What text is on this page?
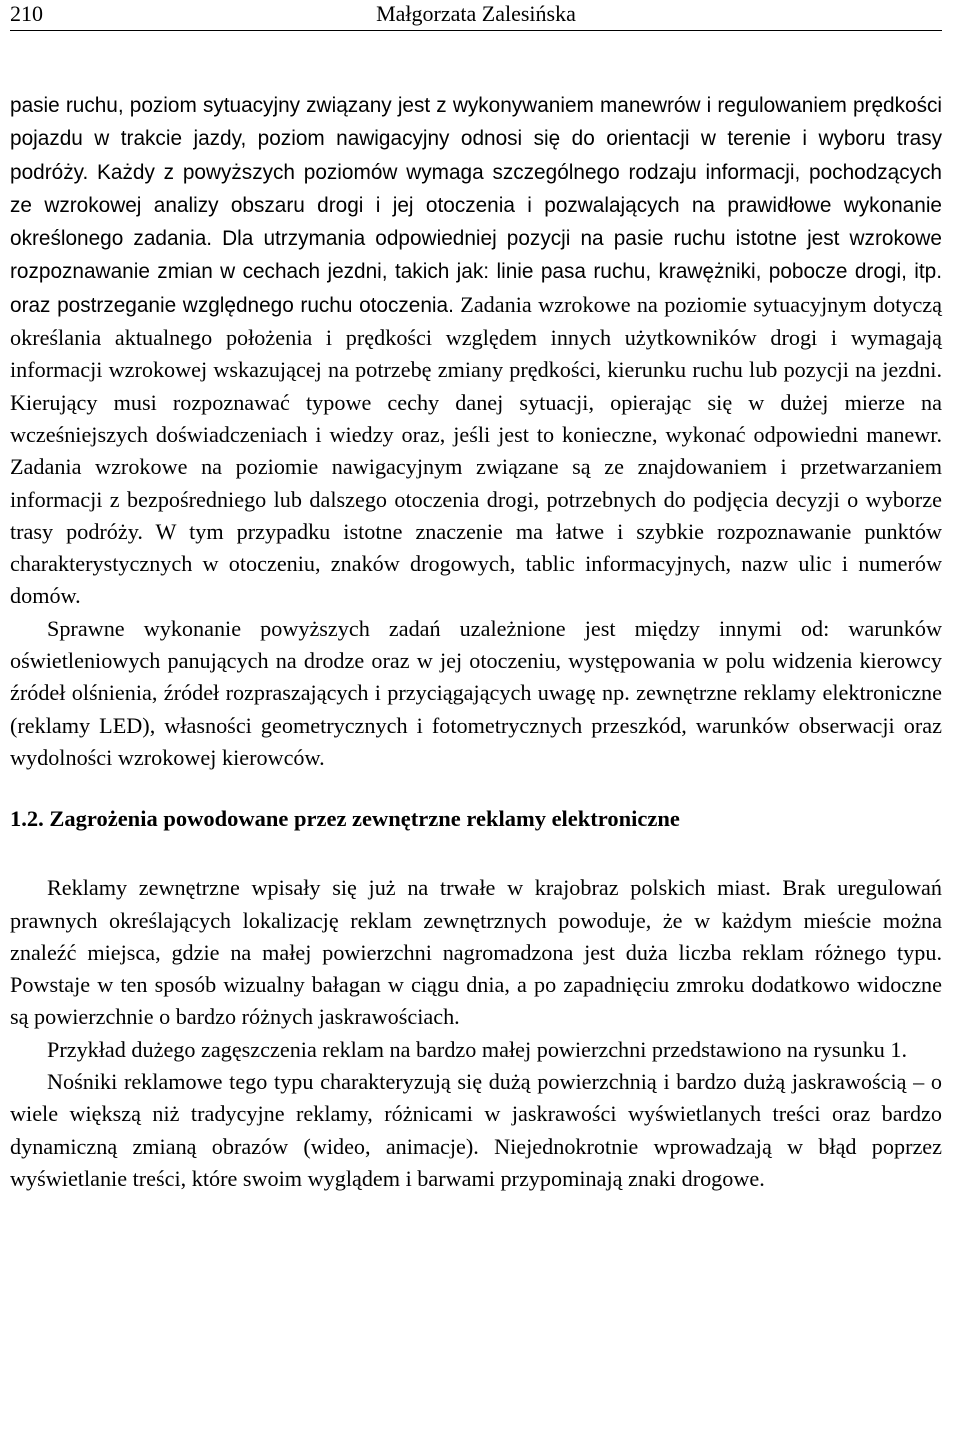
210	Małgorzata Zalesińska

pasie ruchu, poziom sytuacyjny związany jest z wykonywaniem manewrów i regulowaniem prędkości pojazdu w trakcie jazdy, poziom nawigacyjny odnosi się do orientacji w terenie i wyboru trasy podróży. Każdy z powyższych poziomów wymaga szczególnego rodzaju informacji, pochodzących ze wzrokowej analizy obszaru drogi i jej otoczenia i pozwalających na prawidłowe wykonanie określonego zadania. Dla utrzymania odpowiedniej pozycji na pasie ruchu istotne jest wzrokowe rozpoznawanie zmian w cechach jezdni, takich jak: linie pasa ruchu, krawężniki, pobocze drogi, itp. oraz postrzeganie względnego ruchu otoczenia. Zadania wzrokowe na poziomie sytuacyjnym dotyczą określania aktualnego położenia i prędkości względem innych użytkowników drogi i wymagają informacji wzrokowej wskazującej na potrzebę zmiany prędkości, kierunku ruchu lub pozycji na jezdni. Kierujący musi rozpoznawać typowe cechy danej sytuacji, opierając się w dużej mierze na wcześniejszych doświadczeniach i wiedzy oraz, jeśli jest to konieczne, wykonać odpowiedni manewr. Zadania wzrokowe na poziomie nawigacyjnym związane są ze znajdowaniem i przetwarzaniem informacji z bezpośredniego lub dalszego otoczenia drogi, potrzebnych do podjęcia decyzji o wyborze trasy podróży. W tym przypadku istotne znaczenie ma łatwe i szybkie rozpoznawanie punktów charakterystycznych w otoczeniu, znaków drogowych, tablic informacyjnych, nazw ulic i numerów domów.

Sprawne wykonanie powyższych zadań uzależnione jest między innymi od: warunków oświetleniowych panujących na drodze oraz w jej otoczeniu, występowania w polu widzenia kierowcy źródeł olśnienia, źródeł rozpraszających i przyciągających uwagę np. zewnętrzne reklamy elektroniczne (reklamy LED), własności geometrycznych i fotometrycznych przeszkód, warunków obserwacji oraz wydolności wzrokowej kierowców.

1.2. Zagrożenia powodowane przez zewnętrzne reklamy elektroniczne

Reklamy zewnętrzne wpisały się już na trwałe w krajobraz polskich miast. Brak uregulowań prawnych określających lokalizację reklam zewnętrznych powoduje, że w każdym mieście można znaleźć miejsca, gdzie na małej powierzchni nagromadzona jest duża liczba reklam różnego typu. Powstaje w ten sposób wizualny bałagan w ciągu dnia, a po zapadnięciu zmroku dodatkowo widoczne są powierzchnie o bardzo różnych jaskrawościach.

Przykład dużego zagęszczenia reklam na bardzo małej powierzchni przedstawiono na rysunku 1.

Nośniki reklamowe tego typu charakteryzują się dużą powierzchnią i bardzo dużą jaskrawością – o wiele większą niż tradycyjne reklamy, różnicami w jaskrawości wyświetlanych treści oraz bardzo dynamiczną zmianą obrazów (wideo, animacje). Niejednokrotnie wprowadzają w błąd poprzez wyświetlanie treści, które swoim wyglądem i barwami przypominają znaki drogowe.
